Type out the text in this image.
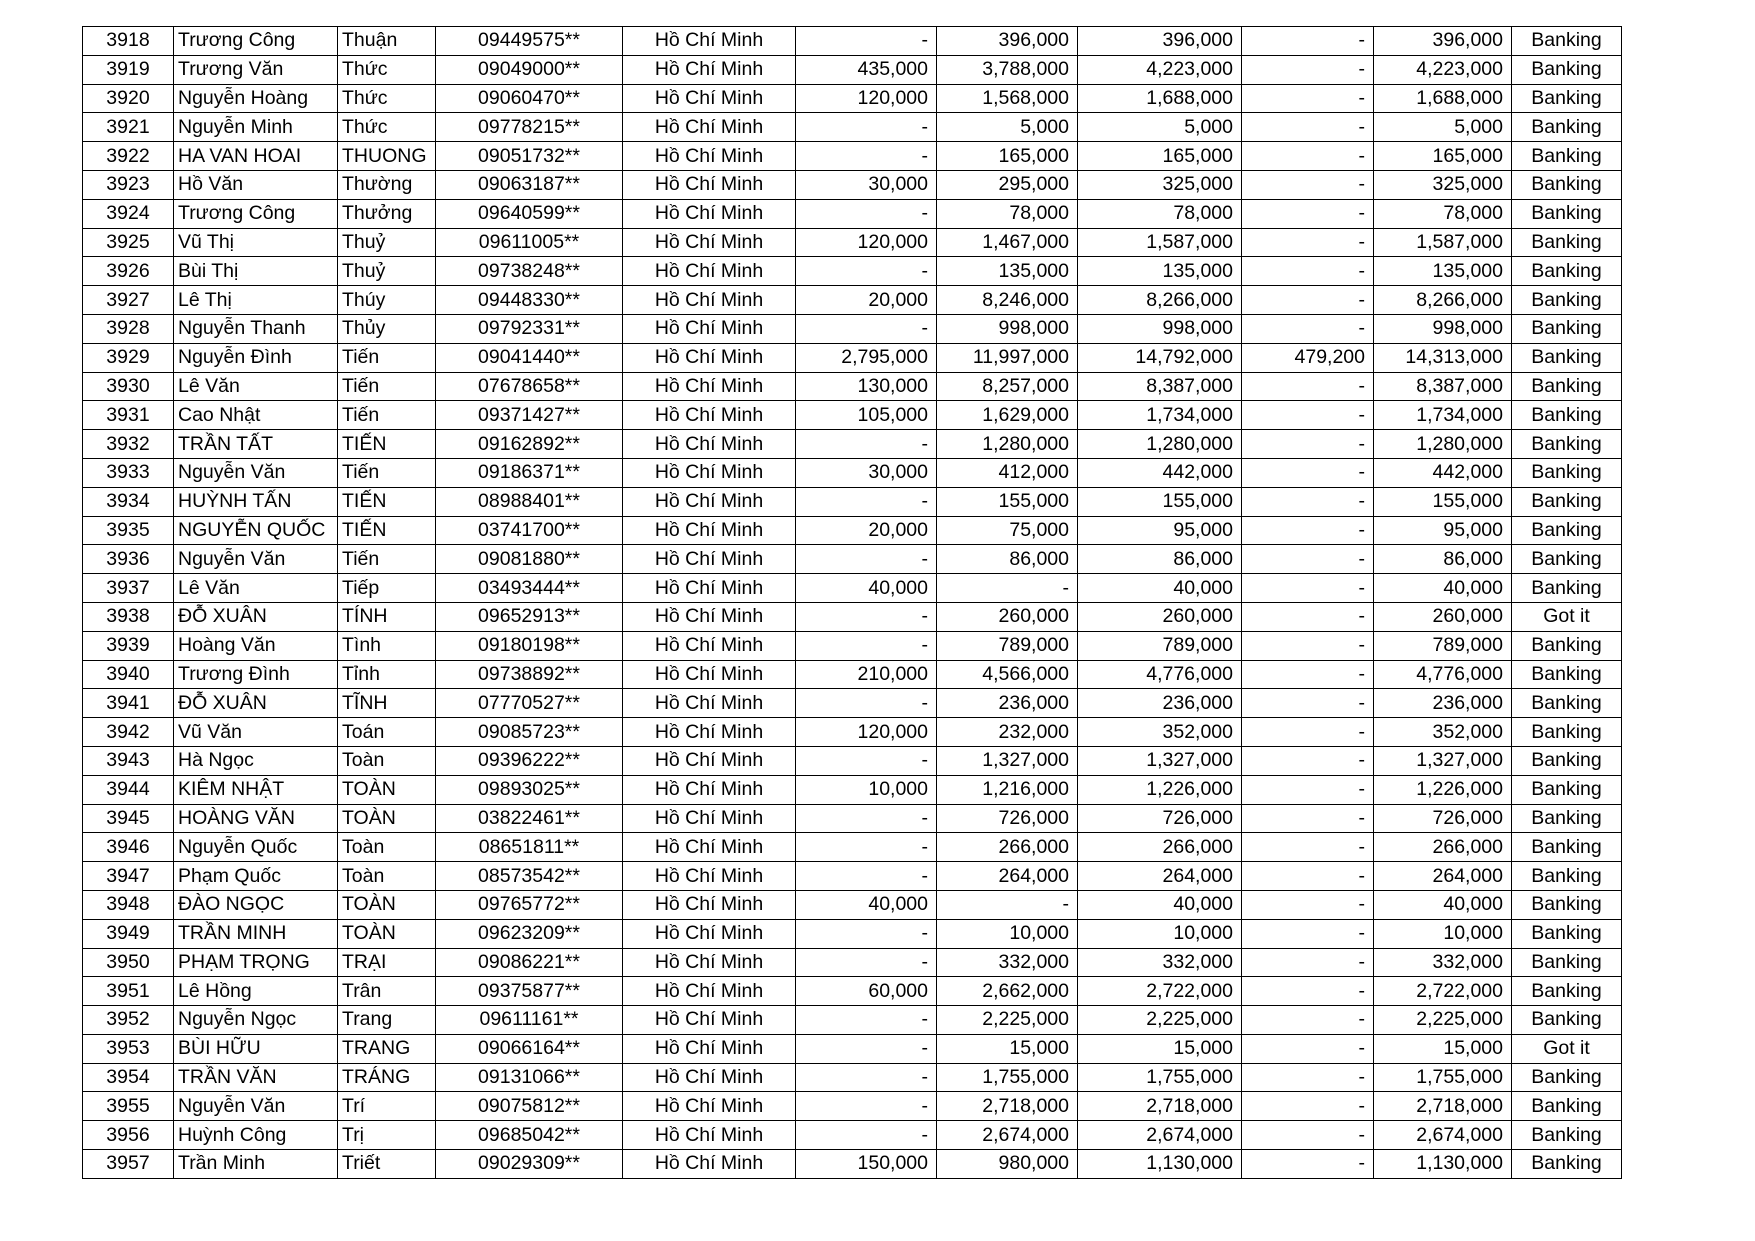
3918	Trương Công	Thuận	09449575**	Hồ Chí Minh	-	396,000	396,000	-	396,000	Banking
3919	Trương Văn	Thức	09049000**	Hồ Chí Minh	435,000	3,788,000	4,223,000	-	4,223,000	Banking
3920	Nguyễn Hoàng	Thức	09060470**	Hồ Chí Minh	120,000	1,568,000	1,688,000	-	1,688,000	Banking
3921	Nguyễn Minh	Thức	09778215**	Hồ Chí Minh	-	5,000	5,000	-	5,000	Banking
3922	HA VAN HOAI	THUONG	09051732**	Hồ Chí Minh	-	165,000	165,000	-	165,000	Banking
3923	Hồ Văn	Thường	09063187**	Hồ Chí Minh	30,000	295,000	325,000	-	325,000	Banking
3924	Trương Công	Thưởng	09640599**	Hồ Chí Minh	-	78,000	78,000	-	78,000	Banking
3925	Vũ Thị	Thuỷ	09611005**	Hồ Chí Minh	120,000	1,467,000	1,587,000	-	1,587,000	Banking
3926	Bùi Thị	Thuỷ	09738248**	Hồ Chí Minh	-	135,000	135,000	-	135,000	Banking
3927	Lê Thị	Thúy	09448330**	Hồ Chí Minh	20,000	8,246,000	8,266,000	-	8,266,000	Banking
3928	Nguyễn Thanh	Thủy	09792331**	Hồ Chí Minh	-	998,000	998,000	-	998,000	Banking
3929	Nguyễn Đình	Tiến	09041440**	Hồ Chí Minh	2,795,000	11,997,000	14,792,000	479,200	14,313,000	Banking
3930	Lê Văn	Tiến	07678658**	Hồ Chí Minh	130,000	8,257,000	8,387,000	-	8,387,000	Banking
3931	Cao Nhật	Tiến	09371427**	Hồ Chí Minh	105,000	1,629,000	1,734,000	-	1,734,000	Banking
3932	TRẦN TẤT	TIẾN	09162892**	Hồ Chí Minh	-	1,280,000	1,280,000	-	1,280,000	Banking
3933	Nguyễn Văn	Tiến	09186371**	Hồ Chí Minh	30,000	412,000	442,000	-	442,000	Banking
3934	HUỲNH TẤN	TIẾN	08988401**	Hồ Chí Minh	-	155,000	155,000	-	155,000	Banking
3935	NGUYỄN QUỐC	TIẾN	03741700**	Hồ Chí Minh	20,000	75,000	95,000	-	95,000	Banking
3936	Nguyễn Văn	Tiến	09081880**	Hồ Chí Minh	-	86,000	86,000	-	86,000	Banking
3937	Lê Văn	Tiếp	03493444**	Hồ Chí Minh	40,000	-	40,000	-	40,000	Banking
3938	ĐỖ XUÂN	TÍNH	09652913**	Hồ Chí Minh	-	260,000	260,000	-	260,000	Got it
3939	Hoàng Văn	Tình	09180198**	Hồ Chí Minh	-	789,000	789,000	-	789,000	Banking
3940	Trương Đình	Tỉnh	09738892**	Hồ Chí Minh	210,000	4,566,000	4,776,000	-	4,776,000	Banking
3941	ĐỖ XUÂN	TĨNH	07770527**	Hồ Chí Minh	-	236,000	236,000	-	236,000	Banking
3942	Vũ Văn	Toán	09085723**	Hồ Chí Minh	120,000	232,000	352,000	-	352,000	Banking
3943	Hà Ngọc	Toàn	09396222**	Hồ Chí Minh	-	1,327,000	1,327,000	-	1,327,000	Banking
3944	KIÊM NHẬT	TOÀN	09893025**	Hồ Chí Minh	10,000	1,216,000	1,226,000	-	1,226,000	Banking
3945	HOÀNG VĂN	TOÀN	03822461**	Hồ Chí Minh	-	726,000	726,000	-	726,000	Banking
3946	Nguyễn Quốc	Toàn	08651811**	Hồ Chí Minh	-	266,000	266,000	-	266,000	Banking
3947	Phạm Quốc	Toàn	08573542**	Hồ Chí Minh	-	264,000	264,000	-	264,000	Banking
3948	ĐÀO NGỌC	TOÀN	09765772**	Hồ Chí Minh	40,000	-	40,000	-	40,000	Banking
3949	TRẦN MINH	TOÀN	09623209**	Hồ Chí Minh	-	10,000	10,000	-	10,000	Banking
3950	PHẠM TRỌNG	TRẠI	09086221**	Hồ Chí Minh	-	332,000	332,000	-	332,000	Banking
3951	Lê Hồng	Trân	09375877**	Hồ Chí Minh	60,000	2,662,000	2,722,000	-	2,722,000	Banking
3952	Nguyễn Ngọc	Trang	09611161**	Hồ Chí Minh	-	2,225,000	2,225,000	-	2,225,000	Banking
3953	BÙI HỮU	TRANG	09066164**	Hồ Chí Minh	-	15,000	15,000	-	15,000	Got it
3954	TRẦN VĂN	TRÁNG	09131066**	Hồ Chí Minh	-	1,755,000	1,755,000	-	1,755,000	Banking
3955	Nguyễn Văn	Trí	09075812**	Hồ Chí Minh	-	2,718,000	2,718,000	-	2,718,000	Banking
3956	Huỳnh Công	Trị	09685042**	Hồ Chí Minh	-	2,674,000	2,674,000	-	2,674,000	Banking
3957	Trần Minh	Triết	09029309**	Hồ Chí Minh	150,000	980,000	1,130,000	-	1,130,000	Banking
